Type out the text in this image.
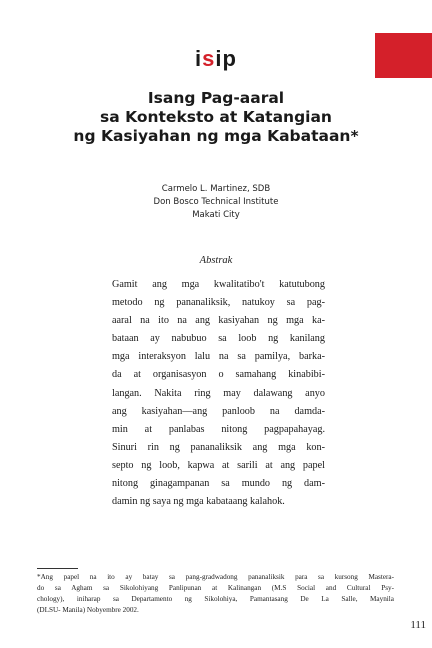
isip
Isang Pag-aaral
sa Konteksto at Katangian
ng Kasiyahan ng mga Kabataan*
Carmelo L. Martinez, SDB
Don Bosco Technical Institute
Makati City
Abstrak
Gamit ang mga kwalitatibo't katutubong
metodo ng pananaliksik, natukoy sa pag-
aaral na ito na ang kasiyahan ng mga ka-
bataan ay nabubuo sa loob ng kanilang
mga interaksyon lalu na sa pamilya, barka-
da at organisasyon o samahang kinabibi-
langan. Nakita ring may dalawang anyo
ang kasiyahan—ang panloob na damda-
min at panlabas nitong pagpapahayag.
Sinuri rin ng pananaliksik ang mga kon-
septo ng loob, kapwa at sarili at ang papel
nitong ginagampanan sa mundo ng dam-
damin ng saya ng mga kabataang kalahok.
*Ang papel na ito ay batay sa pang-gradwadong pananaliksik para sa kursong Mastera-
do sa Agham sa Sikolohiyang Panlipunan at Kalinangan (M.S Social and Cultural Psy-
chology), iniharap sa Departamento ng Sikolohiya, Pamantasang De La Salle, Maynila
(DLSU- Manila) Nobyembre 2002.
111
